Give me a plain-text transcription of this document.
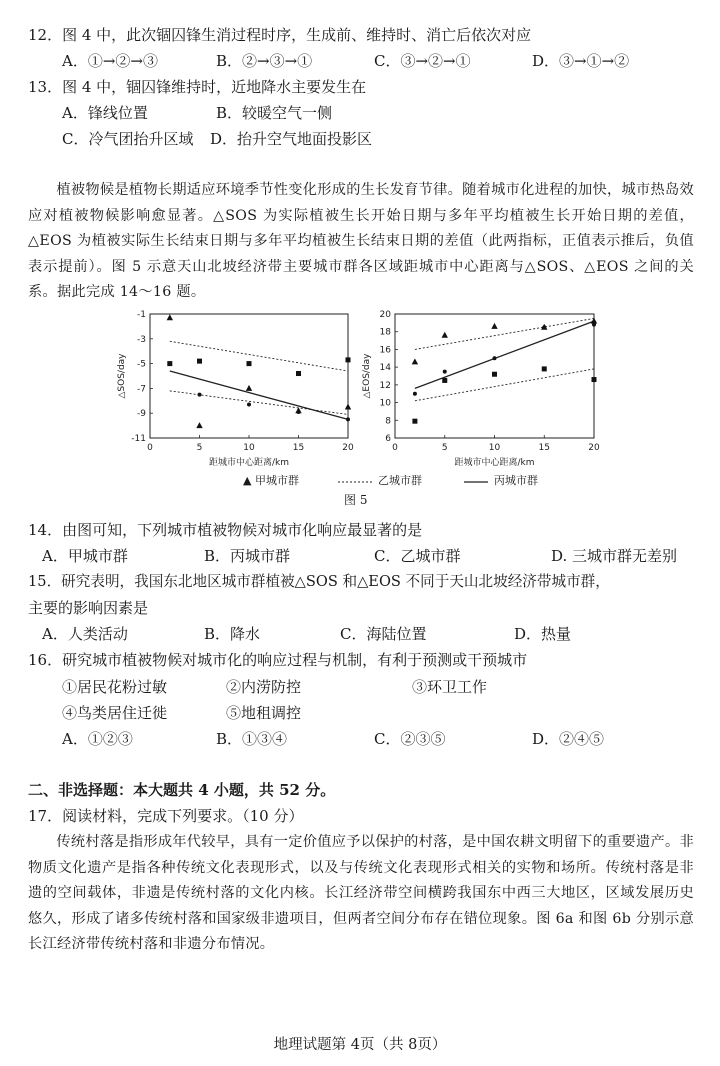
12．图 4 中，此次锢囚锋生消过程时序，生成前、维持时、消亡后依次对应
A．①→②→③	B．②→③→①	C．③→②→①	D．③→①→②
13．图 4 中，锢囚锋维持时，近地降水主要发生在
A．锋线位置	B．较暖空气一侧
C．冷气团抬升区域 D．抬升空气地面投影区
植被物候是植物长期适应环境季节性变化形成的生长发育节律。随着城市化进程的加快，城市热岛效应对植被物候影响愈显著。△SOS 为实际植被生长开始日期与多年平均植被生长开始日期的差值，△EOS 为植被实际生长结束日期与多年平均植被生长结束日期的差值（此两指标，正值表示推后，负值表示提前）。图 5 示意天山北坡经济带主要城市群各区域距城市中心距离与△SOS、△EOS 之间的关系。据此完成 14～16 题。
-1
-3
-5
-7
-9
-11
0	5	10	15	20
△SOS/day
距城市中心距离/km
6
8
10
12
14
16
18
20
0	5	10	15	20
△EOS/day
距城市中心距离/km
▲ 甲城市群	乙城市群	丙城市群
图 5
14．由图可知，下列城市植被物候对城市化响应最显著的是
A．甲城市群	B．丙城市群	C．乙城市群	D. 三城市群无差别
15．研究表明，我国东北地区城市群植被△SOS 和△EOS 不同于天山北坡经济带城市群，
主要的影响因素是
A．人类活动	B．降水	C．海陆位置	D．热量
16．研究城市植被物候对城市化的响应过程与机制，有利于预测或干预城市
①居民花粉过敏	②内涝防控	③环卫工作
④鸟类居住迁徙	⑤地租调控
A．①②③	B．①③④	C．②③⑤	D．②④⑤
二、非选择题：本大题共 4 小题，共 52 分。
17．阅读材料，完成下列要求。（10 分）
传统村落是指形成年代较早，具有一定价值应予以保护的村落，是中国农耕文明留下的重要遗产。非物质文化遗产是指各种传统文化表现形式，以及与传统文化表现形式相关的实物和场所。传统村落是非遗的空间载体，非遗是传统村落的文化内核。长江经济带空间横跨我国东中西三大地区，区域发展历史悠久，形成了诸多传统村落和国家级非遗项目，但两者空间分布存在错位现象。图 6a 和图 6b 分别示意长江经济带传统村落和非遗分布情况。
地理试题第 4页（共 8页）
